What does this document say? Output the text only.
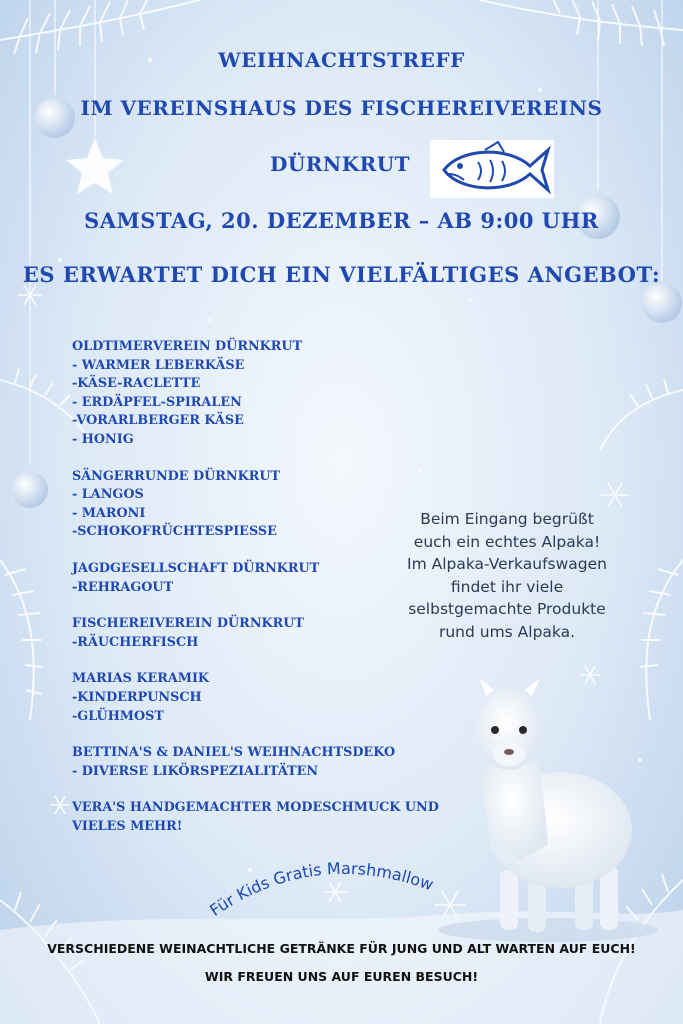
WEIHNACHTSTREFF
IM VEREINSHAUS DES FISCHEREIVEREINS
DÜRNKRUT
SAMSTAG, 20. DEZEMBER – AB 9:00 UHR
ES ERWARTET DICH EIN VIELFÄLTIGES ANGEBOT:
OLDTIMERVEREIN DÜRNKRUT
- WARMER LEBERKÄSE
-KÄSE-RACLETTE
- ERDÄPFEL-SPIRALEN
-VORARLBERGER KÄSE
- HONIG
SÄNGERRUNDE DÜRNKRUT
- LANGOS
- MARONI
-SCHOKOFRÜCHTESPIESSE
JAGDGESELLSCHAFT DÜRNKRUT
-REHRAGOUT
FISCHEREIVEREIN DÜRNKRUT
-RÄUCHERFISCH
MARIAS KERAMIK
-KINDERPUNSCH
-GLÜHMOST
BETTINA'S & DANIEL'S WEIHNACHTSDEKO
- DIVERSE LIKÖRSPEZIALITÄTEN
VERA'S HANDGEMACHTER MODESCHMUCK UND
VIELES MEHR!
Beim Eingang begrüßt
euch ein echtes Alpaka!
Im Alpaka-Verkaufswagen
findet ihr viele
selbstgemachte Produkte
rund ums Alpaka.
Für Kids Gratis Marshmallow
VERSCHIEDENE WEINACHTLICHE GETRÄNKE FÜR JUNG UND ALT WARTEN AUF EUCH!
WIR FREUEN UNS AUF EUREN BESUCH!
